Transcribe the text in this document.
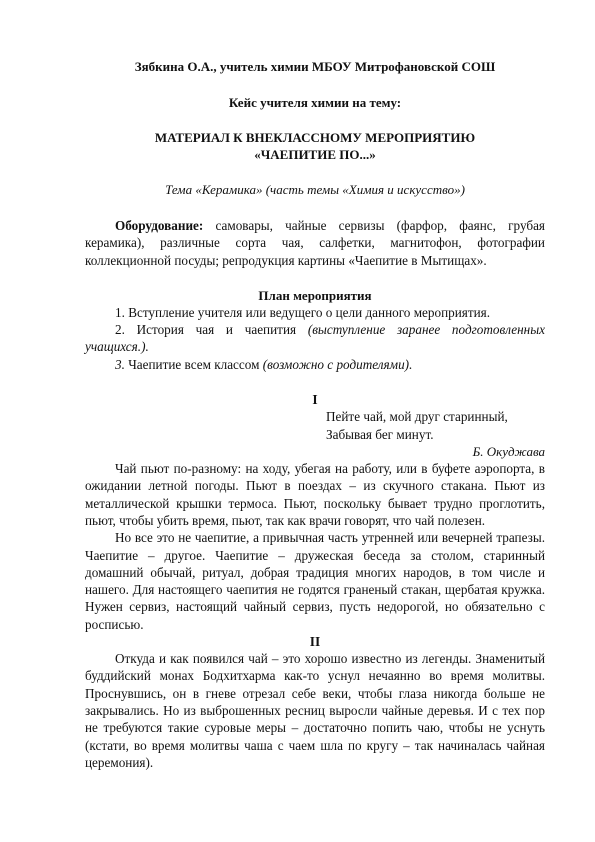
Зябкина О.А., учитель химии МБОУ Митрофановской СОШ

Кейс учителя химии на тему:

МАТЕРИАЛ К ВНЕКЛАССНОМУ МЕРОПРИЯТИЮ

«ЧАЕПИТИЕ ПО...»

Тема «Керамика» (часть темы «Химия и искусство»)

Оборудование: самовары, чайные сервизы (фарфор, фаянс, грубая керамика), различные сорта чая, салфетки, магнитофон, фотографии коллекционной посуды; репродукция картины «Чаепитие в Мытищах».

План мероприятия

1. Вступление учителя или ведущего о цели данного мероприятия.

2. История чая и чаепития (выступление заранее подготовленных учащихся.).

3. Чаепитие всем классом (возможно с родителями).

I

Пейте чай, мой друг старинный,

Забывая бег минут.

Б. Окуджава

Чай пьют по-разному: на ходу, убегая на работу, или в буфете аэропорта, в ожидании летной погоды. Пьют в поездах – из скучного стакана. Пьют из металлической крышки термоса. Пьют, поскольку бывает трудно проглотить, пьют, чтобы убить время, пьют, так как врачи говорят, что чай полезен.

Но все это не чаепитие, а привычная часть утренней или вечерней трапезы. Чаепитие – другое. Чаепитие – дружеская беседа за столом, старинный домашний обычай, ритуал, добрая традиция многих народов, в том числе и нашего. Для настоящего чаепития не годятся граненый стакан, щербатая кружка. Нужен сервиз, настоящий чайный сервиз, пусть недорогой, но обязательно с росписью.

II

Откуда и как появился чай – это хорошо известно из легенды. Знаменитый буддийский монах Бодхитхарма как-то уснул нечаянно во время молитвы. Проснувшись, он в гневе отрезал себе веки, чтобы глаза никогда больше не закрывались. Но из выброшенных ресниц выросли чайные деревья. И с тех пор не требуются такие суровые меры – достаточно попить чаю, чтобы не уснуть (кстати, во время молитвы чаша с чаем шла по кругу – так начиналась чайная церемония).
